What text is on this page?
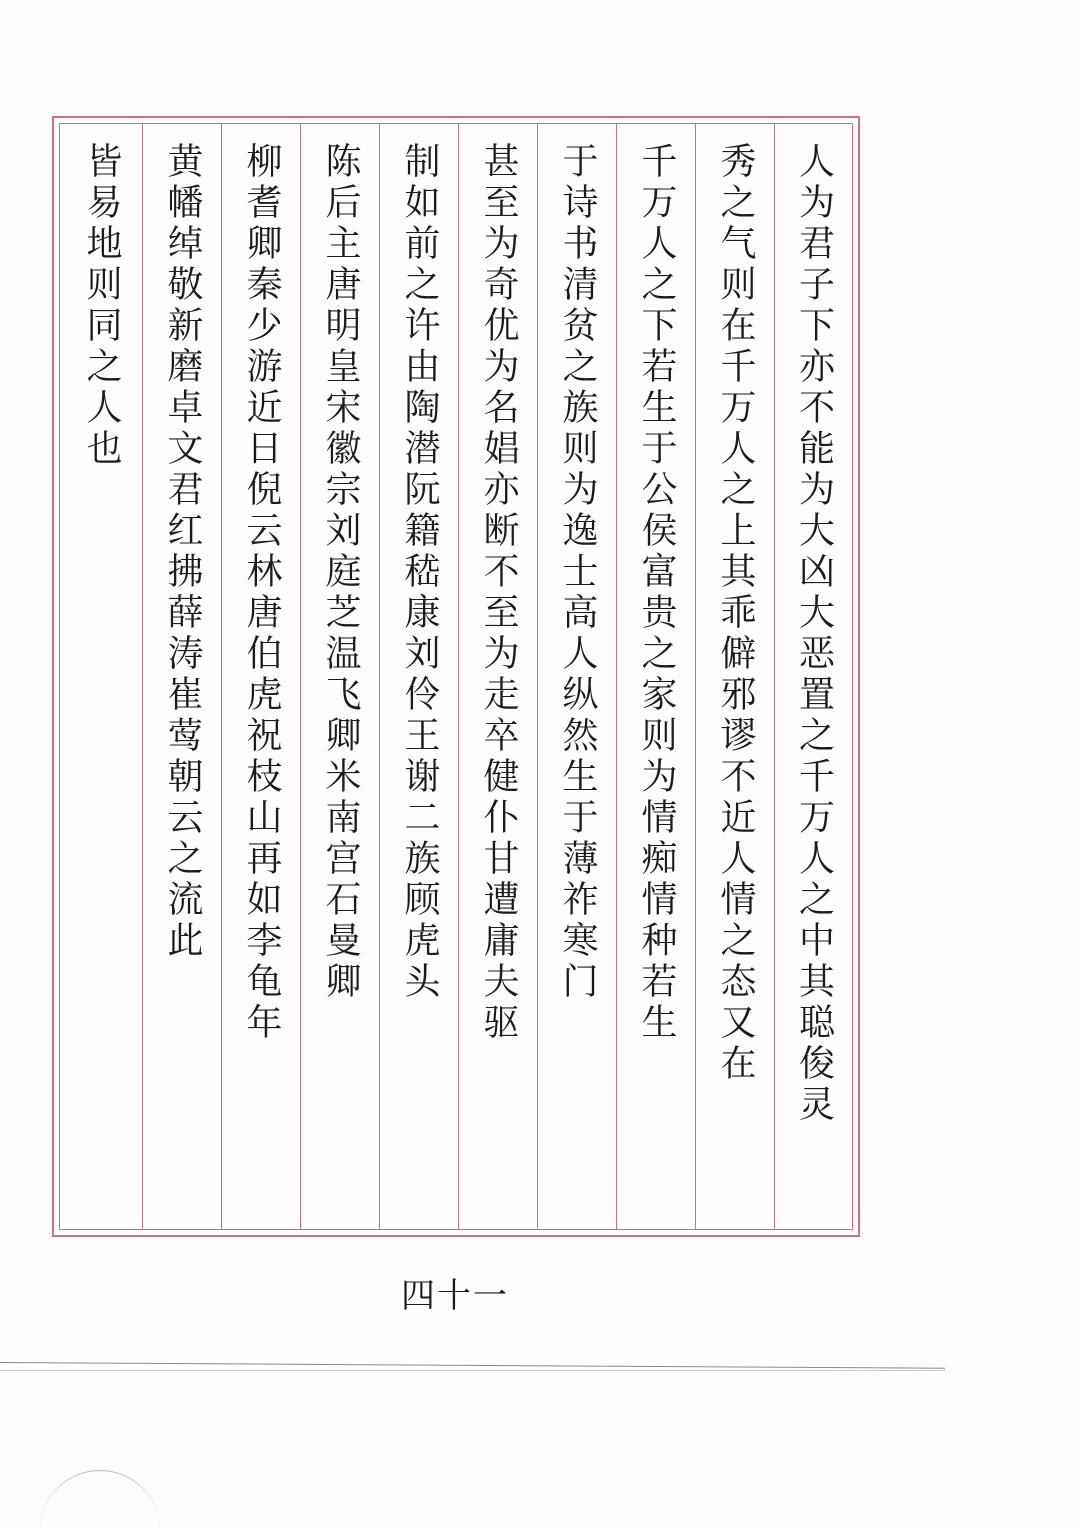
人为君子下亦不能为大凶大恶置之千万人之中其聪俊灵
秀之气则在千万人之上其乖僻邪谬不近人情之态又在
千万人之下若生于公侯富贵之家则为情痴情种若生
于诗书清贫之族则为逸士高人纵然生于薄祚寒门
甚至为奇优为名娼亦断不至为走卒健仆甘遭庸夫驱
制如前之许由陶潜阮籍嵇康刘伶王谢二族顾虎头
陈后主唐明皇宋徽宗刘庭芝温飞卿米南宫石曼卿
柳耆卿秦少游近日倪云林唐伯虎祝枝山再如李龟年
黄幡绰敬新磨卓文君红拂薛涛崔莺朝云之流此
皆易地则同之人也
四十一
